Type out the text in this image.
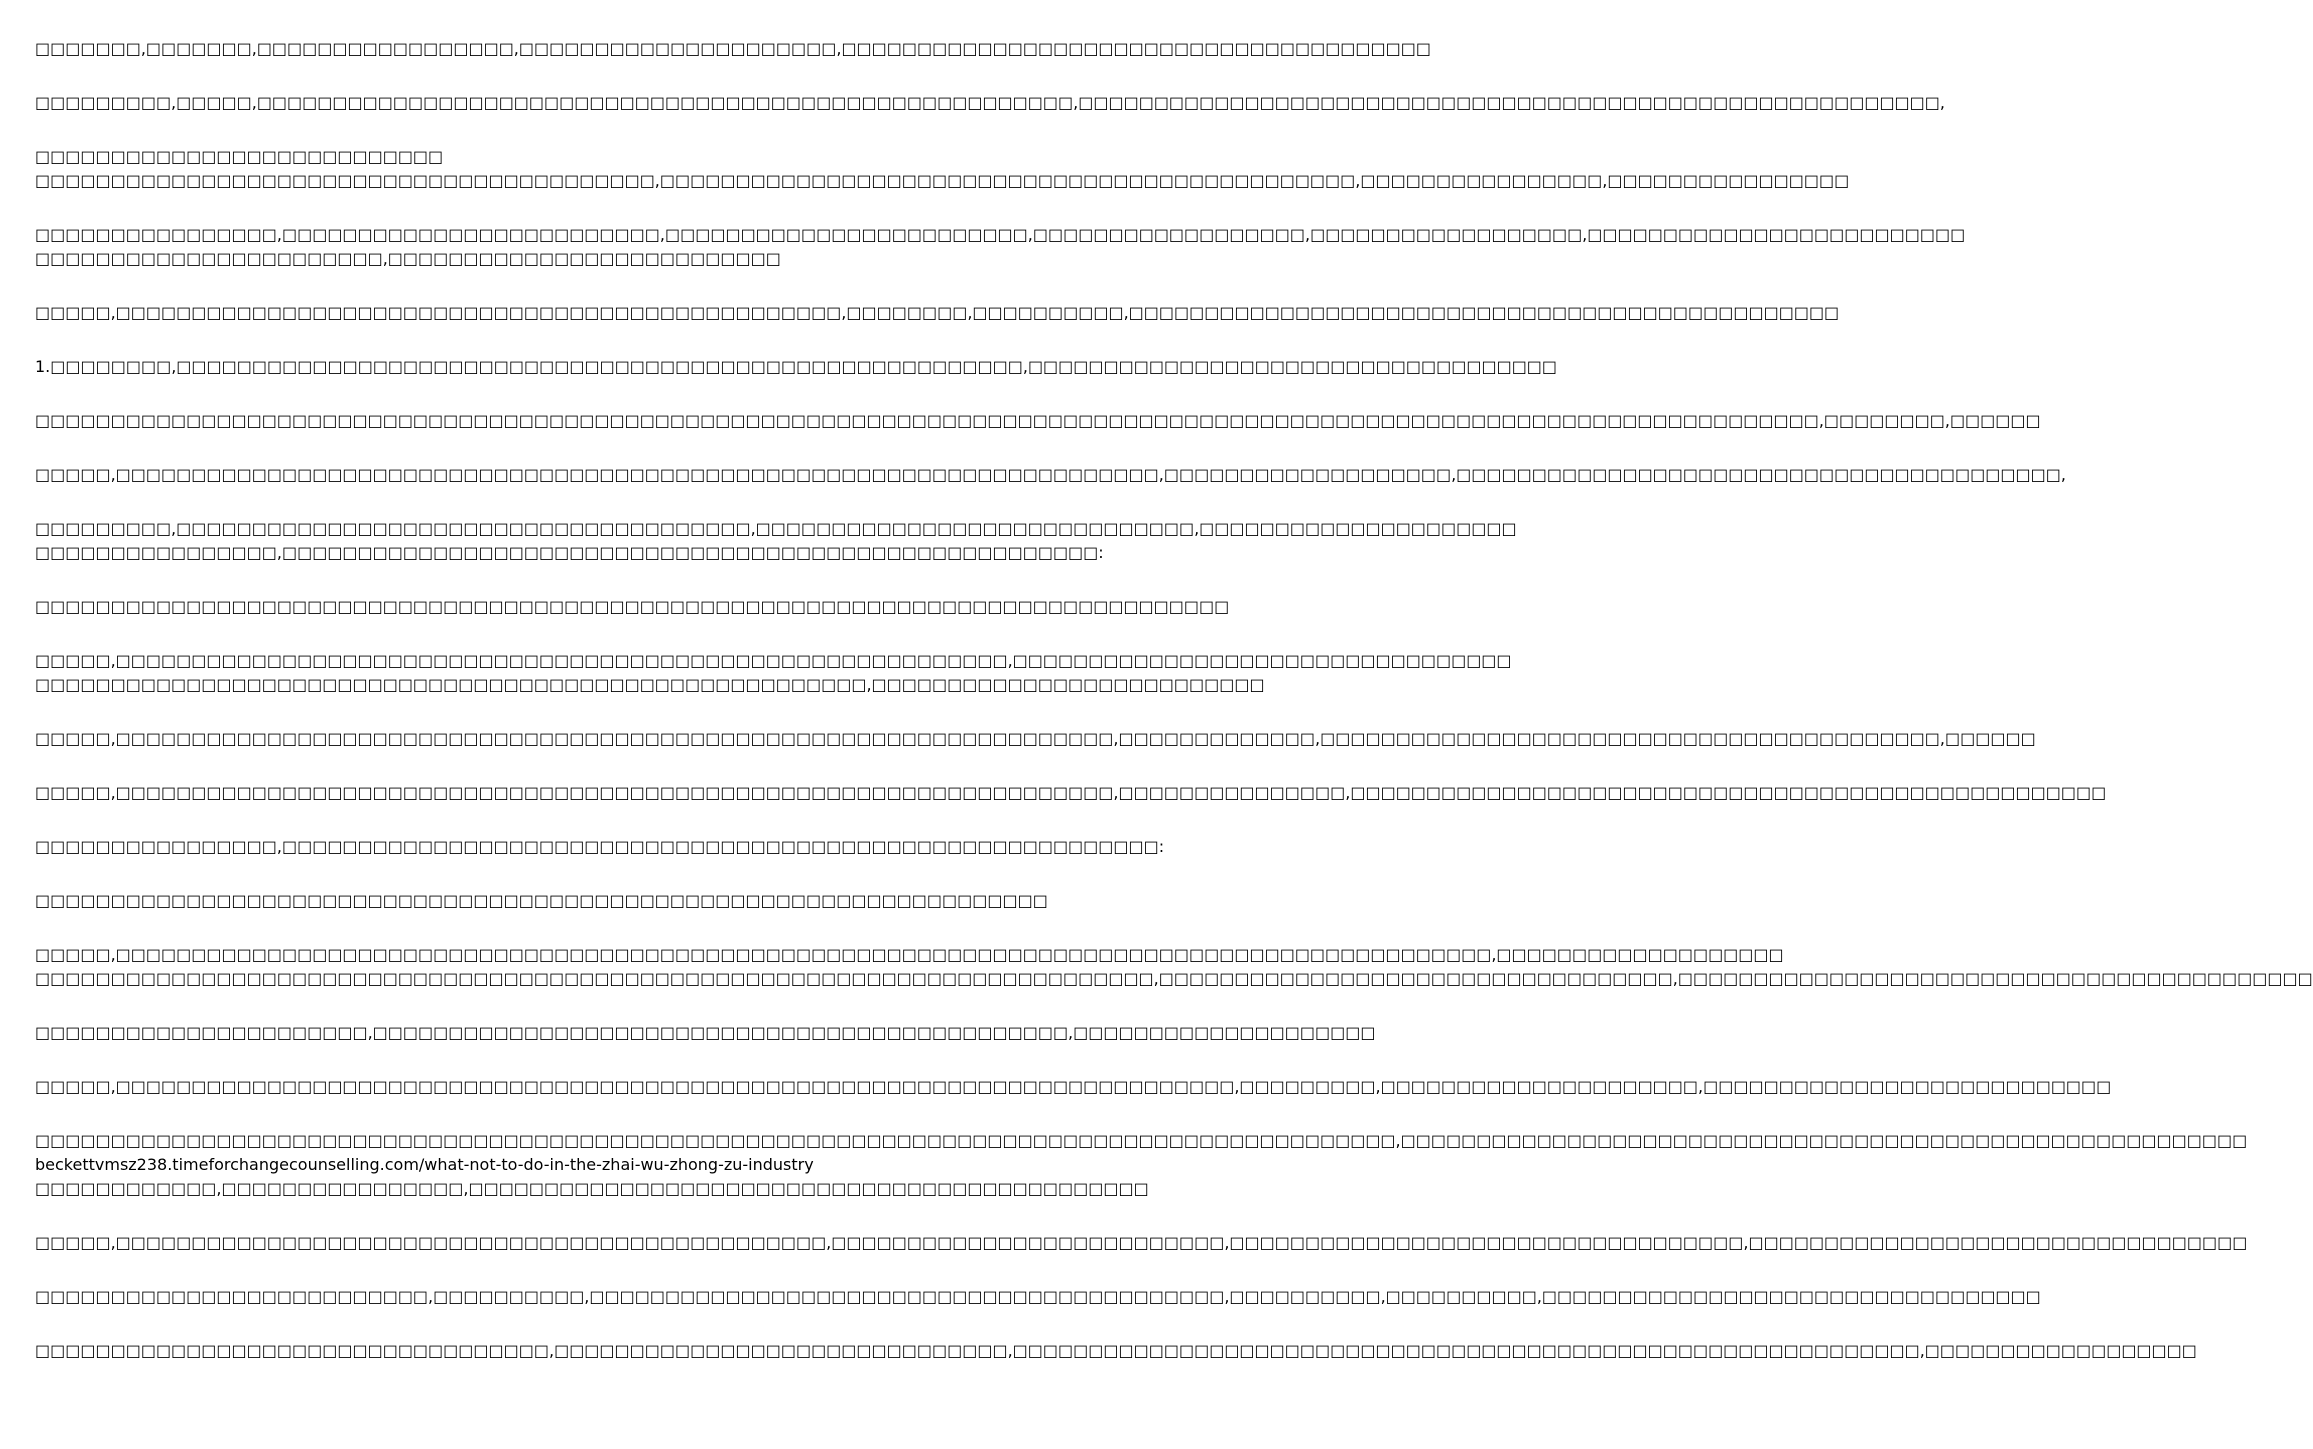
□□□□□□□,□□□□□□□,□□□□□□□□□□□□□□□□□,□□□□□□□□□□□□□□□□□□□□□,□□□□□□□□□□□□□□□□□□□□□□□□□□□□□□□□□□□□□□□
□□□□□□□□□,□□□□□,□□□□□□□□□□□□□□□□□□□□□□□□□□□□□□□□□□□□□□□□□□□□□□□□□□□□□□,□□□□□□□□□□□□□□□□□□□□□□□□□□□□□□□□□□□□□□□□□□□□□□□□□□□□□□□□□,
□□□□□□□□□□□□□□□□□□□□□□□□□□□
□□□□□□□□□□□□□□□□□□□□□□□□□□□□□□□□□□□□□□□□□,□□□□□□□□□□□□□□□□□□□□□□□□□□□□□□□□□□□□□□□□□□□□□□,□□□□□□□□□□□□□□□□,□□□□□□□□□□□□□□□□
□□□□□□□□□□□□□□□□,□□□□□□□□□□□□□□□□□□□□□□□□□,□□□□□□□□□□□□□□□□□□□□□□□□,□□□□□□□□□□□□□□□□□□,□□□□□□□□□□□□□□□□□□,□□□□□□□□□□□□□□□□□□□□□□□□□
□□□□□□□□□□□□□□□□□□□□□□□,□□□□□□□□□□□□□□□□□□□□□□□□□□
□□□□□,□□□□□□□□□□□□□□□□□□□□□□□□□□□□□□□□□□□□□□□□□□□□□□□□,□□□□□□□□,□□□□□□□□□□,□□□□□□□□□□□□□□□□□□□□□□□□□□□□□□□□□□□□□□□□□□□□□□□
1.□□□□□□□□,□□□□□□□□□□□□□□□□□□□□□□□□□□□□□□□□□□□□□□□□□□□□□□□□□□□□□□□□,□□□□□□□□□□□□□□□□□□□□□□□□□□□□□□□□□□□
□□□□□□□□□□□□□□□□□□□□□□□□□□□□□□□□□□□□□□□□□□□□□□□□□□□□□□□□□□□□□□□□□□□□□□□□□□□□□□□□□□□□□□□□□□□□□□□□□□□□□□□□□□□□□□□□□□□□□□,□□□□□□□□,□□□□□□
□□□□□,□□□□□□□□□□□□□□□□□□□□□□□□□□□□□□□□□□□□□□□□□□□□□□□□□□□□□□□□□□□□□□□□□□□□□,□□□□□□□□□□□□□□□□□□□,□□□□□□□□□□□□□□□□□□□□□□□□□□□□□□□□□□□□□□□□,
□□□□□□□□□,□□□□□□□□□□□□□□□□□□□□□□□□□□□□□□□□□□□□□□,□□□□□□□□□□□□□□□□□□□□□□□□□□□□□,□□□□□□□□□□□□□□□□□□□□□
□□□□□□□□□□□□□□□□,□□□□□□□□□□□□□□□□□□□□□□□□□□□□□□□□□□□□□□□□□□□□□□□□□□□□□□:
□□□□□□□□□□□□□□□□□□□□□□□□□□□□□□□□□□□□□□□□□□□□□□□□□□□□□□□□□□□□□□□□□□□□□□□□□□□□□□□
□□□□□,□□□□□□□□□□□□□□□□□□□□□□□□□□□□□□□□□□□□□□□□□□□□□□□□□□□□□□□□□□□,□□□□□□□□□□□□□□□□□□□□□□□□□□□□□□□□□
□□□□□□□□□□□□□□□□□□□□□□□□□□□□□□□□□□□□□□□□□□□□□□□□□□□□□□□,□□□□□□□□□□□□□□□□□□□□□□□□□□
□□□□□,□□□□□□□□□□□□□□□□□□□□□□□□□□□□□□□□□□□□□□□□□□□□□□□□□□□□□□□□□□□□□□□□□□,□□□□□□□□□□□□□,□□□□□□□□□□□□□□□□□□□□□□□□□□□□□□□□□□□□□□□□□,□□□□□□
□□□□□,□□□□□□□□□□□□□□□□□□□□□□□□□□□□□□□□□□□□□□□□□□□□□□□□□□□□□□□□□□□□□□□□□□,□□□□□□□□□□□□□□□,□□□□□□□□□□□□□□□□□□□□□□□□□□□□□□□□□□□□□□□□□□□□□□□□□□
□□□□□□□□□□□□□□□□,□□□□□□□□□□□□□□□□□□□□□□□□□□□□□□□□□□□□□□□□□□□□□□□□□□□□□□□□□□:
□□□□□□□□□□□□□□□□□□□□□□□□□□□□□□□□□□□□□□□□□□□□□□□□□□□□□□□□□□□□□□□□□□□
□□□□□,□□□□□□□□□□□□□□□□□□□□□□□□□□□□□□□□□□□□□□□□□□□□□□□□□□□□□□□□□□□□□□□□□□□□□□□□□□□□□□□□□□□□□□□□□□□,□□□□□□□□□□□□□□□□□□□
□□□□□□□□□□□□□□□□□□□□□□□□□□□□□□□□□□□□□□□□□□□□□□□□□□□□□□□□□□□□□□□□□□□□□□□□□□,□□□□□□□□□□□□□□□□□□□□□□□□□□□□□□□□□□,□□□□□□□□□□□□□□□□□□□□□□□□□□□□□□□□□□□□□□□□□□
□□□□□□□□□□□□□□□□□□□□□□,□□□□□□□□□□□□□□□□□□□□□□□□□□□□□□□□□□□□□□□□□□□□□□,□□□□□□□□□□□□□□□□□□□□
□□□□□,□□□□□□□□□□□□□□□□□□□□□□□□□□□□□□□□□□□□□□□□□□□□□□□□□□□□□□□□□□□□□□□□□□□□□□□□□□,□□□□□□□□□,□□□□□□□□□□□□□□□□□□□□□,□□□□□□□□□□□□□□□□□□□□□□□□□□□
□□□□□□□□□□□□□□□□□□□□□□□□□□□□□□□□□□□□□□□□□□□□□□□□□□□□□□□□□□□□□□□□□□□□□□□□□□□□□□□□□□□□□□□□□□,□□□□□□□□□□□□□□□□□□□□□□□□□□□□□□□□□□□□□□□□□□□□□□□□□□□□□□□□
beckettvmsz238.timeforchangecounselling.com/what-not-to-do-in-the-zhai-wu-zhong-zu-industry
□□□□□□□□□□□□,□□□□□□□□□□□□□□□□,□□□□□□□□□□□□□□□□□□□□□□□□□□□□□□□□□□□□□□□□□□□□□
□□□□□,□□□□□□□□□□□□□□□□□□□□□□□□□□□□□□□□□□□□□□□□□□□□□□□,□□□□□□□□□□□□□□□□□□□□□□□□□□,□□□□□□□□□□□□□□□□□□□□□□□□□□□□□□□□□□,□□□□□□□□□□□□□□□□□□□□□□□□□□□□□□□□□
□□□□□□□□□□□□□□□□□□□□□□□□□□,□□□□□□□□□□,□□□□□□□□□□□□□□□□□□□□□□□□□□□□□□□□□□□□□□□□□□,□□□□□□□□□□,□□□□□□□□□□,□□□□□□□□□□□□□□□□□□□□□□□□□□□□□□□□□
□□□□□□□□□□□□□□□□□□□□□□□□□□□□□□□□□□,□□□□□□□□□□□□□□□□□□□□□□□□□□□□□□,□□□□□□□□□□□□□□□□□□□□□□□□□□□□□□□□□□□□□□□□□□□□□□□□□□□□□□□□□□□□,□□□□□□□□□□□□□□□□□□
